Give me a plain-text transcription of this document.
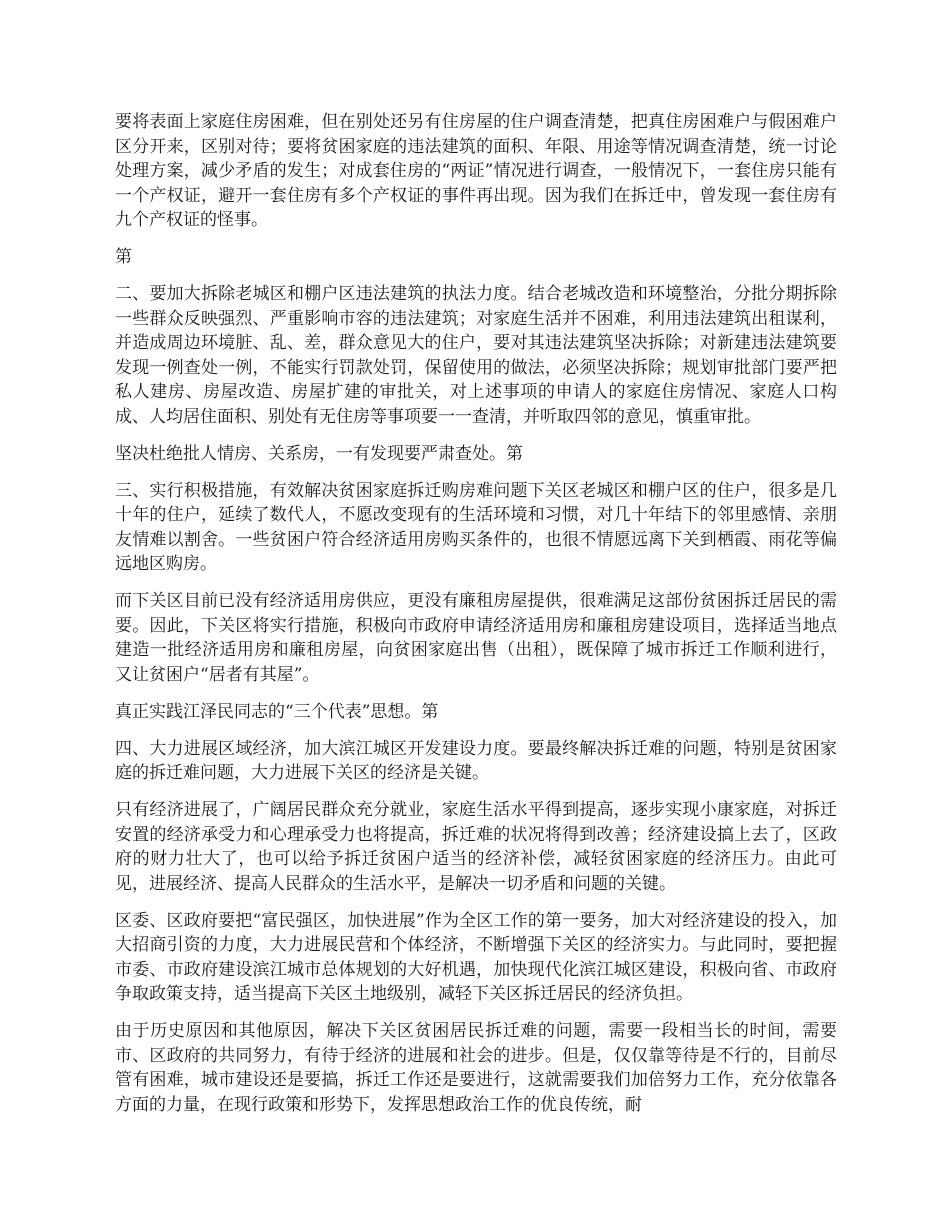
要将表面上家庭住房困难，但在别处还另有住房屋的住户调查清楚，把真住房困难户与假困难户区分开来，区别对待；要将贫困家庭的违法建筑的面积、年限、用途等情况调查清楚，统一讨论处理方案，减少矛盾的发生；对成套住房的“两证”情况进行调查，一般情况下，一套住房只能有一个产权证，避开一套住房有多个产权证的事件再出现。因为我们在拆迁中，曾发现一套住房有九个产权证的怪事。

第

二、要加大拆除老城区和棚户区违法建筑的执法力度。结合老城改造和环境整治，分批分期拆除一些群众反映强烈、严重影响市容的违法建筑；对家庭生活并不困难，利用违法建筑出租谋利，并造成周边环境脏、乱、差，群众意见大的住户，要对其违法建筑坚决拆除；对新建违法建筑要发现一例查处一例，不能实行罚款处罚，保留使用的做法，必须坚决拆除；规划审批部门要严把私人建房、房屋改造、房屋扩建的审批关，对上述事项的申请人的家庭住房情况、家庭人口构成、人均居住面积、别处有无住房等事项要一一查清，并听取四邻的意见，慎重审批。

坚决杜绝批人情房、关系房，一有发现要严肃查处。第

三、实行积极措施，有效解决贫困家庭拆迁购房难问题下关区老城区和棚户区的住户，很多是几十年的住户，延续了数代人，不愿改变现有的生活环境和习惯，对几十年结下的邻里感情、亲朋友情难以割舍。一些贫困户符合经济适用房购买条件的，也很不情愿远离下关到栖霞、雨花等偏远地区购房。

而下关区目前已没有经济适用房供应，更没有廉租房屋提供，很难满足这部份贫困拆迁居民的需要。因此，下关区将实行措施，积极向市政府申请经济适用房和廉租房建设项目，选择适当地点建造一批经济适用房和廉租房屋，向贫困家庭出售（出租），既保障了城市拆迁工作顺利进行，又让贫困户“居者有其屋”。

真正实践江泽民同志的“三个代表”思想。第

四、大力进展区域经济，加大滨江城区开发建设力度。要最终解决拆迁难的问题，特别是贫困家庭的拆迁难问题，大力进展下关区的经济是关键。

只有经济进展了，广阔居民群众充分就业，家庭生活水平得到提高，逐步实现小康家庭，对拆迁安置的经济承受力和心理承受力也将提高，拆迁难的状况将得到改善；经济建设搞上去了，区政府的财力壮大了，也可以给予拆迁贫困户适当的经济补偿，减轻贫困家庭的经济压力。由此可见，进展经济、提高人民群众的生活水平，是解决一切矛盾和问题的关键。

区委、区政府要把“富民强区，加快进展”作为全区工作的第一要务，加大对经济建设的投入，加大招商引资的力度，大力进展民营和个体经济，不断增强下关区的经济实力。与此同时，要把握市委、市政府建设滨江城市总体规划的大好机遇，加快现代化滨江城区建设，积极向省、市政府争取政策支持，适当提高下关区土地级别，减轻下关区拆迁居民的经济负担。

由于历史原因和其他原因，解决下关区贫困居民拆迁难的问题，需要一段相当长的时间，需要市、区政府的共同努力，有待于经济的进展和社会的进步。但是，仅仅靠等待是不行的，目前尽管有困难，城市建设还是要搞，拆迁工作还是要进行，这就需要我们加倍努力工作，充分依靠各方面的力量，在现行政策和形势下，发挥思想政治工作的优良传统，耐
